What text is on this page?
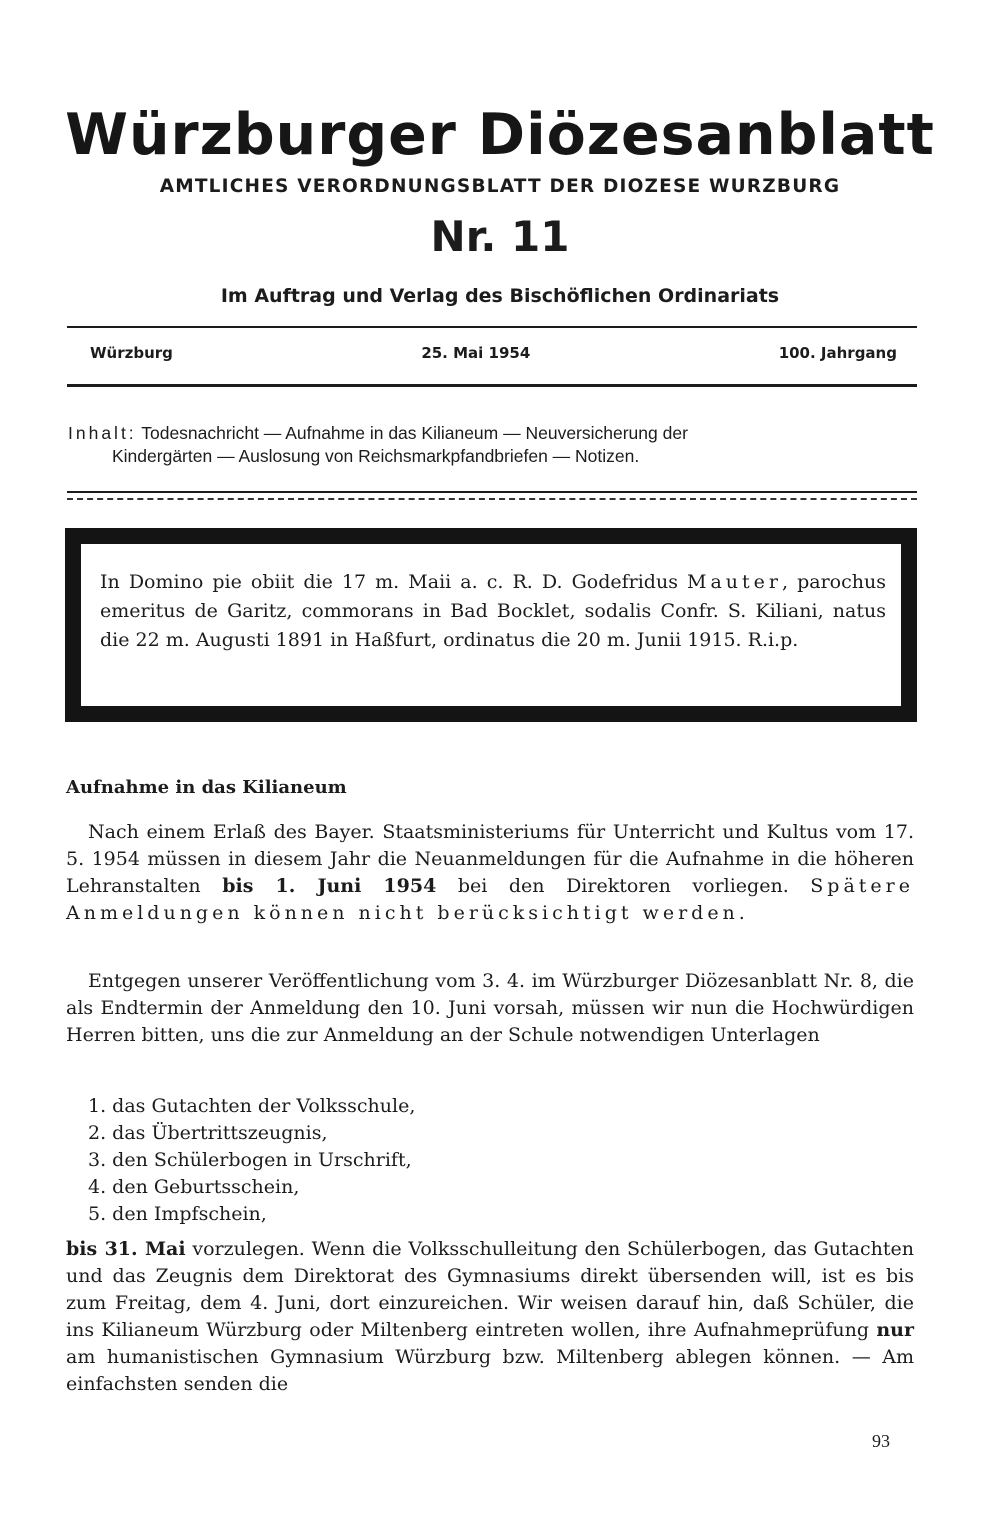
Würzburger Diözesanblatt
AMTLICHES VERORDNUNGSBLATT DER DIOZESE WURZBURG
Nr. 11
Im Auftrag und Verlag des Bischöflichen Ordinariats
Würzburg	25. Mai 1954	100. Jahrgang
Inhalt: Todesnachricht — Aufnahme in das Kilianeum — Neuversicherung der
Kindergärten — Auslosung von Reichsmarkpfandbriefen — Notizen.
In Domino pie obiit die 17 m. Maii a. c. R. D. Godefridus Mauter, parochus emeritus de Garitz, commorans in Bad Bocklet, sodalis Confr. S. Kiliani, natus die 22 m. Augusti 1891 in Haßfurt, ordinatus die 20 m. Junii 1915. R.i.p.
Aufnahme in das Kilianeum
Nach einem Erlaß des Bayer. Staatsministeriums für Unterricht und Kultus vom 17. 5. 1954 müssen in diesem Jahr die Neuanmeldungen für die Aufnahme in die höheren Lehranstalten bis 1. Juni 1954 bei den Direktoren vorliegen. Spätere Anmeldungen können nicht berücksichtigt werden.
Entgegen unserer Veröffentlichung vom 3. 4. im Würzburger Diözesanblatt Nr. 8, die als Endtermin der Anmeldung den 10. Juni vorsah, müssen wir nun die Hochwürdigen Herren bitten, uns die zur Anmeldung an der Schule notwendigen Unterlagen
1. das Gutachten der Volksschule,
2. das Übertrittszeugnis,
3. den Schülerbogen in Urschrift,
4. den Geburtsschein,
5. den Impfschein,
bis 31. Mai vorzulegen. Wenn die Volksschulleitung den Schülerbogen, das Gutachten und das Zeugnis dem Direktorat des Gymnasiums direkt übersenden will, ist es bis zum Freitag, dem 4. Juni, dort einzureichen. Wir weisen darauf hin, daß Schüler, die ins Kilianeum Würzburg oder Miltenberg eintreten wollen, ihre Aufnahmeprüfung nur am humanistischen Gymnasium Würzburg bzw. Miltenberg ablegen können. — Am einfachsten senden die
93
